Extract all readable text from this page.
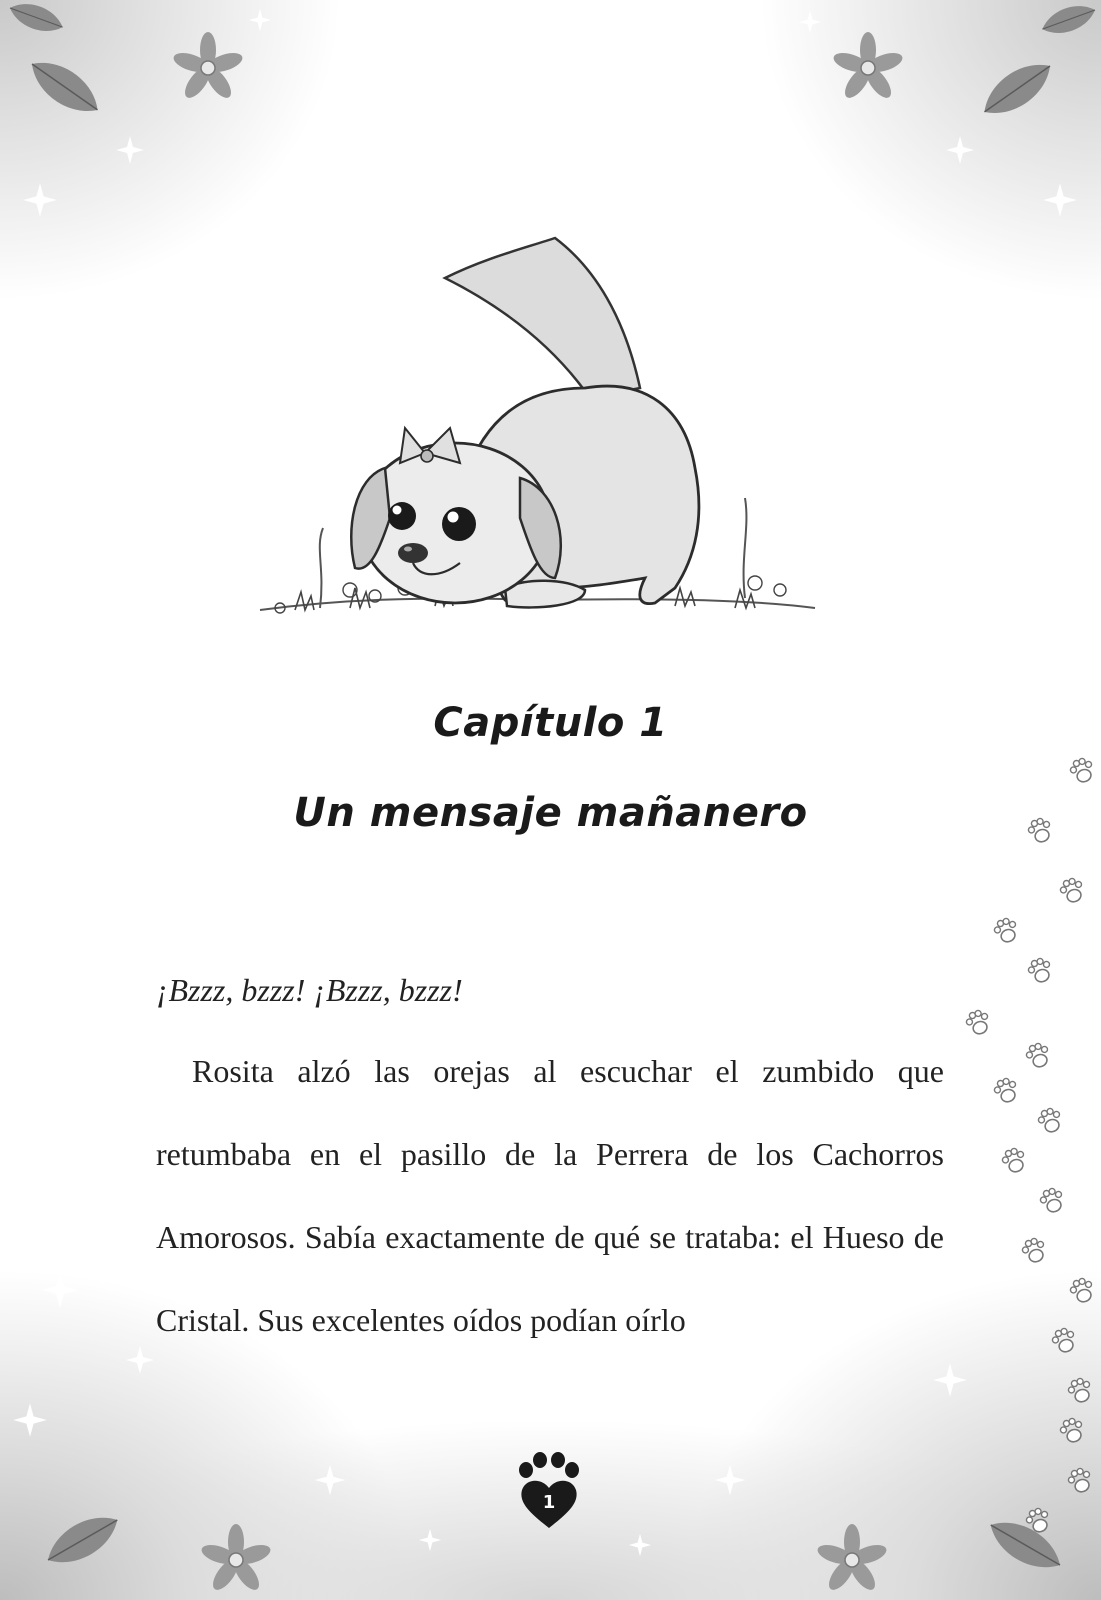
Capítulo 1
Un mensaje mañanero

¡Bzzz, bzzz! ¡Bzzz, bzzz!

Rosita alzó las orejas al escuchar el zumbido que retumbaba en el pasillo de la Perrera de los Cachorros Amorosos. Sabía exactamente de qué se trataba: el Hueso de Cristal. Sus excelentes oídos podían oírlo

1
